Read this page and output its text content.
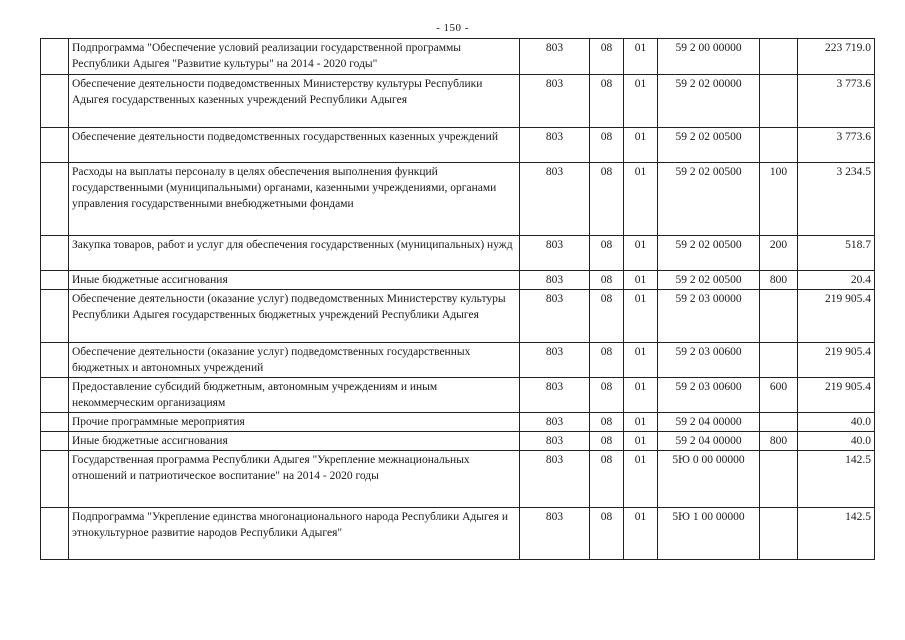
- 150 -
	Подпрограмма "Обеспечение условий реализации государственной программы Республики Адыгея "Развитие культуры" на 2014 - 2020 годы"	803	08	01	59 2 00 00000		223 719.0
	Обеспечение деятельности подведомственных Министерству культуры Республики Адыгея государственных казенных учреждений Республики Адыгея	803	08	01	59 2 02 00000		3 773.6
	Обеспечение деятельности подведомственных государственных казенных учреждений	803	08	01	59 2 02 00500		3 773.6
	Расходы на выплаты персоналу в целях обеспечения выполнения функций государственными (муниципальными) органами, казенными учреждениями, органами управления государственными внебюджетными фондами	803	08	01	59 2 02 00500	100	3 234.5
	Закупка товаров, работ и услуг для обеспечения государственных (муниципальных) нужд	803	08	01	59 2 02 00500	200	518.7
	Иные бюджетные ассигнования	803	08	01	59 2 02 00500	800	20.4
	Обеспечение деятельности (оказание услуг) подведомственных Министерству культуры Республики Адыгея государственных бюджетных учреждений Республики Адыгея	803	08	01	59 2 03 00000		219 905.4
	Обеспечение деятельности (оказание услуг) подведомственных государственных бюджетных и автономных учреждений	803	08	01	59 2 03 00600		219 905.4
	Предоставление субсидий бюджетным, автономным учреждениям и иным некоммерческим организациям	803	08	01	59 2 03 00600	600	219 905.4
	Прочие программные мероприятия	803	08	01	59 2 04 00000		40.0
	Иные бюджетные ассигнования	803	08	01	59 2 04 00000	800	40.0
	Государственная программа Республики Адыгея "Укрепление межнациональных отношений и патриотическое воспитание" на 2014 - 2020 годы	803	08	01	5Ю 0 00 00000		142.5
	Подпрограмма "Укрепление единства многонационального народа Республики Адыгея и этнокультурное развитие народов Республики Адыгея"	803	08	01	5Ю 1 00 00000		142.5
